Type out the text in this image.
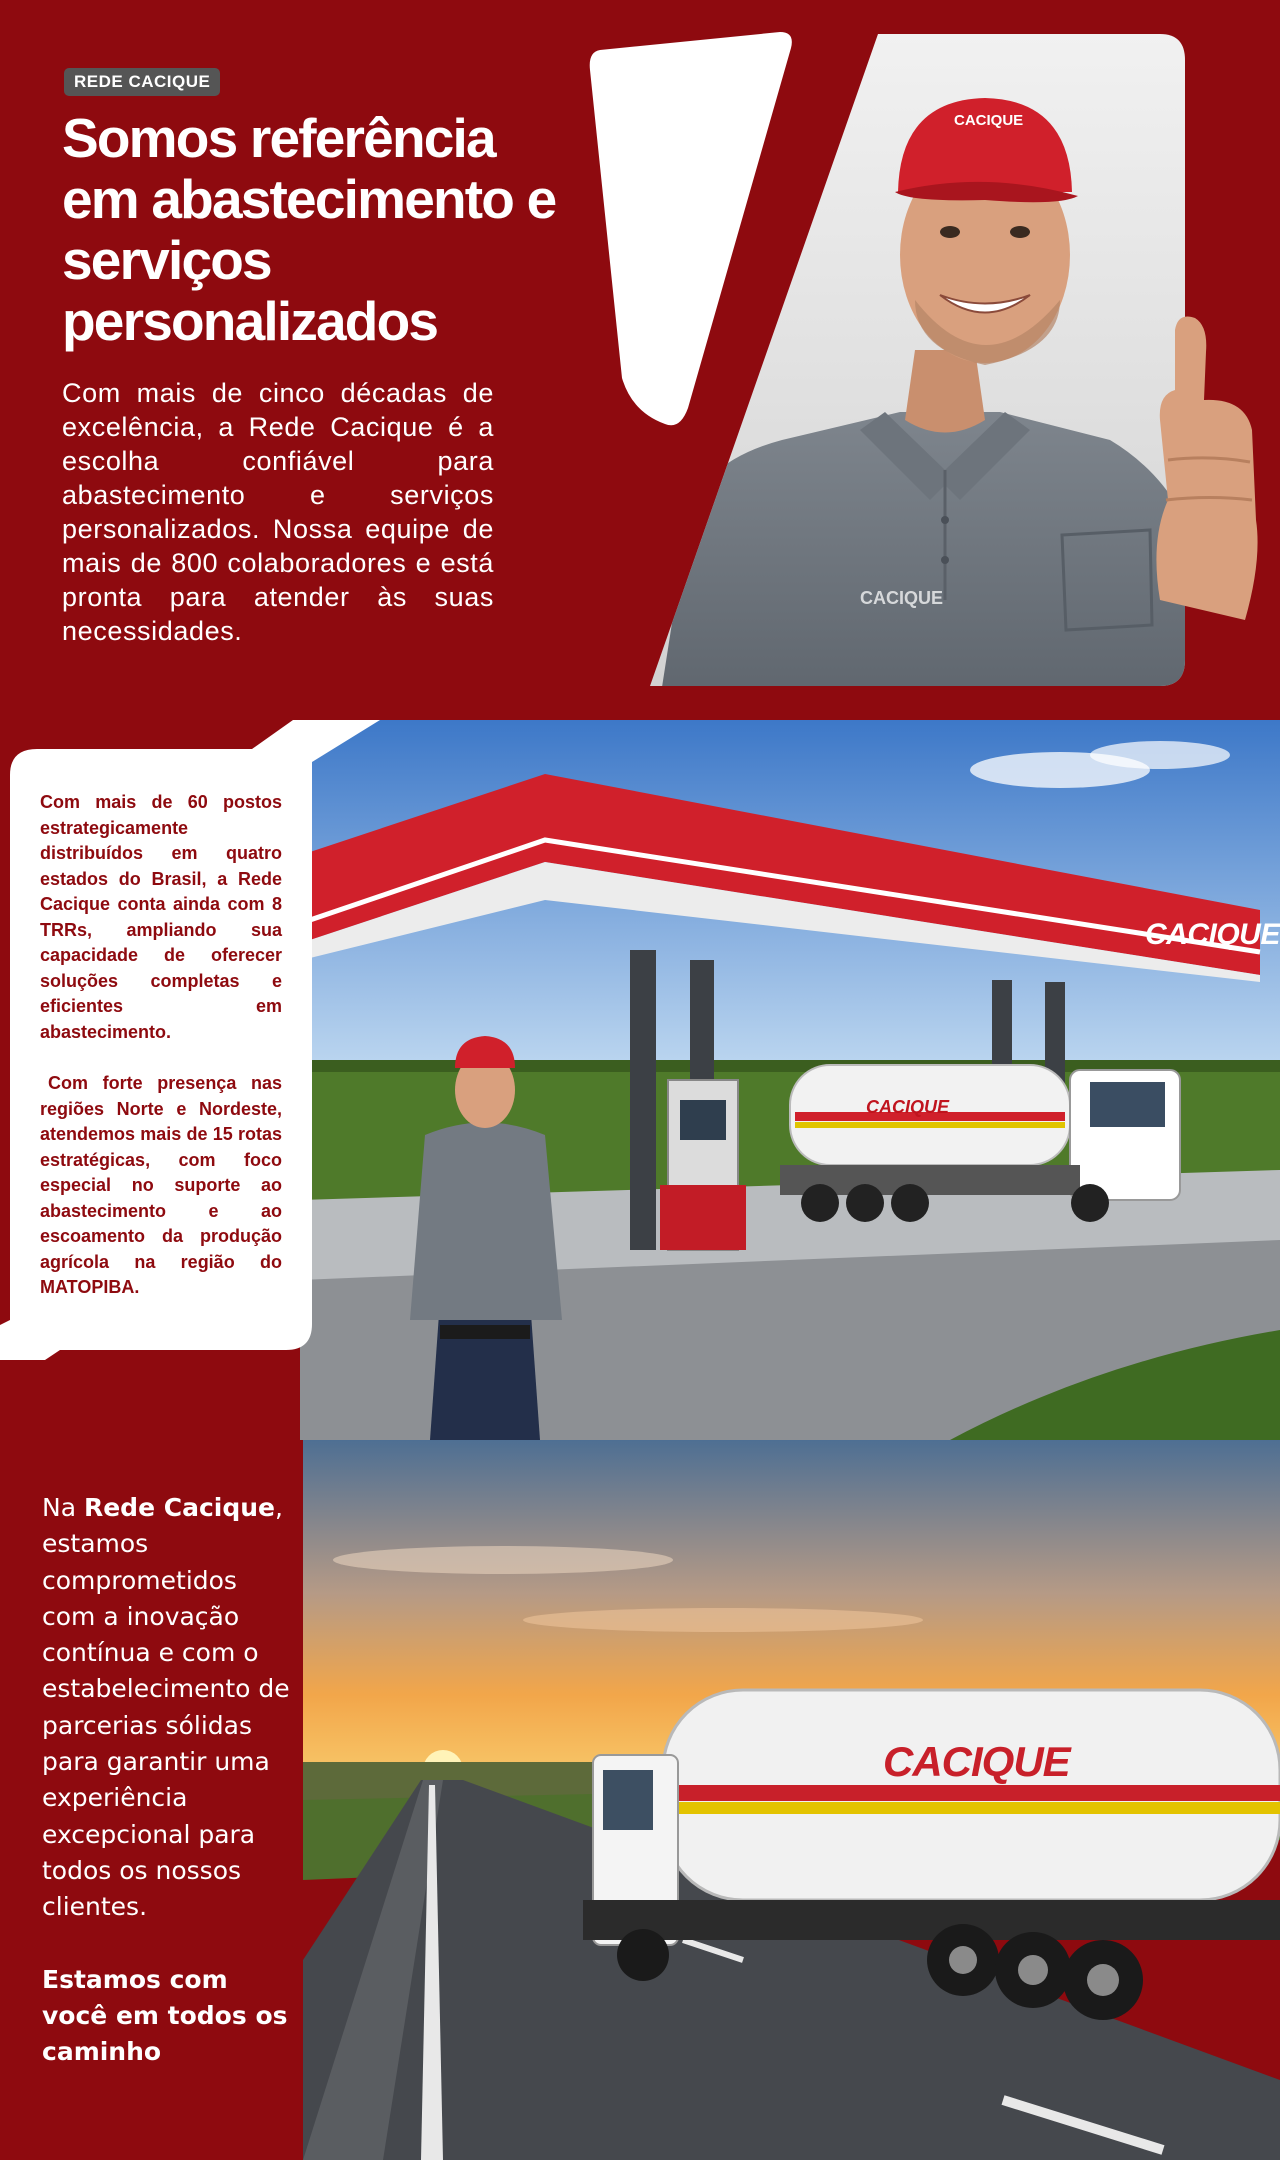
CACIQUE
CACIQUE
REDE CACIQUE
Somos referência em abastecimento e serviços personalizados

Com mais de cinco décadas de excelência, a Rede Cacique é a escolha confiável para abastecimento e serviços personalizados. Nossa equipe de mais de 800 colaboradores e está pronta para atender às suas necessidades.

CACIQUE
CACIQUE

Com mais de 60 postos estrategicamente distribuídos em quatro estados do Brasil, a Rede Cacique conta ainda com 8 TRRs, ampliando sua capacidade de oferecer soluções completas e eficientes em abastecimento.

Com forte presença nas regiões Norte e Nordeste, atendemos mais de 15 rotas estratégicas, com foco especial no suporte ao abastecimento e ao escoamento da produção agrícola na região do MATOPIBA.

CACIQUE

Na Rede Cacique, estamos comprometidos com a inovação contínua e com o estabelecimento de parcerias sólidas para garantir uma experiência excepcional para todos os nossos clientes.

Estamos com você em todos os caminho
